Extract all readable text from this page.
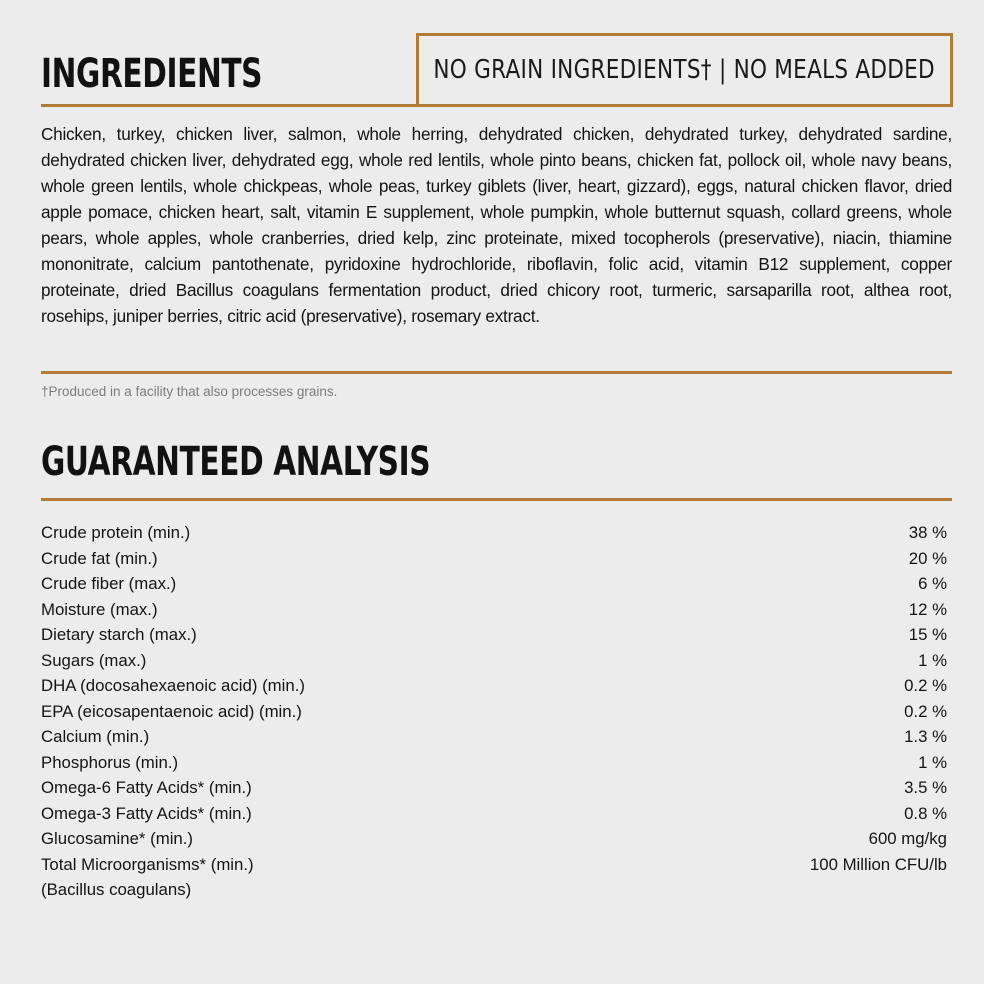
INGREDIENTS	NO GRAIN INGREDIENTS† | NO MEALS ADDED

Chicken, turkey, chicken liver, salmon, whole herring, dehydrated chicken, dehydrated turkey, dehydrated sardine, dehydrated chicken liver, dehydrated egg, whole red lentils, whole pinto beans, chicken fat, pollock oil, whole navy beans, whole green lentils, whole chickpeas, whole peas, turkey giblets (liver, heart, gizzard), eggs, natural chicken flavor, dried apple pomace, chicken heart, salt, vitamin E supplement, whole pumpkin, whole butternut squash, collard greens, whole pears, whole apples, whole cranberries, dried kelp, zinc proteinate, mixed tocopherols (preservative), niacin, thiamine mononitrate, calcium pantothenate, pyridoxine hydrochloride, riboflavin, folic acid, vitamin B12 supplement, copper proteinate, dried Bacillus coagulans fermentation product, dried chicory root, turmeric, sarsaparilla root, althea root, rosehips, juniper berries, citric acid (preservative), rosemary extract.

†Produced in a facility that also processes grains.

GUARANTEED ANALYSIS
Crude protein (min.)	38 %
Crude fat (min.)	20 %
Crude fiber (max.)	6 %
Moisture (max.)	12 %
Dietary starch (max.)	15 %
Sugars (max.)	1 %
DHA (docosahexaenoic acid) (min.)	0.2 %
EPA (eicosapentaenoic acid) (min.)	0.2 %
Calcium (min.)	1.3 %
Phosphorus (min.)	1 %
Omega-6 Fatty Acids* (min.)	3.5 %
Omega-3 Fatty Acids* (min.)	0.8 %
Glucosamine* (min.)	600 mg/kg
Total Microorganisms* (min.)	100 Million CFU/lb
(Bacillus coagulans)
